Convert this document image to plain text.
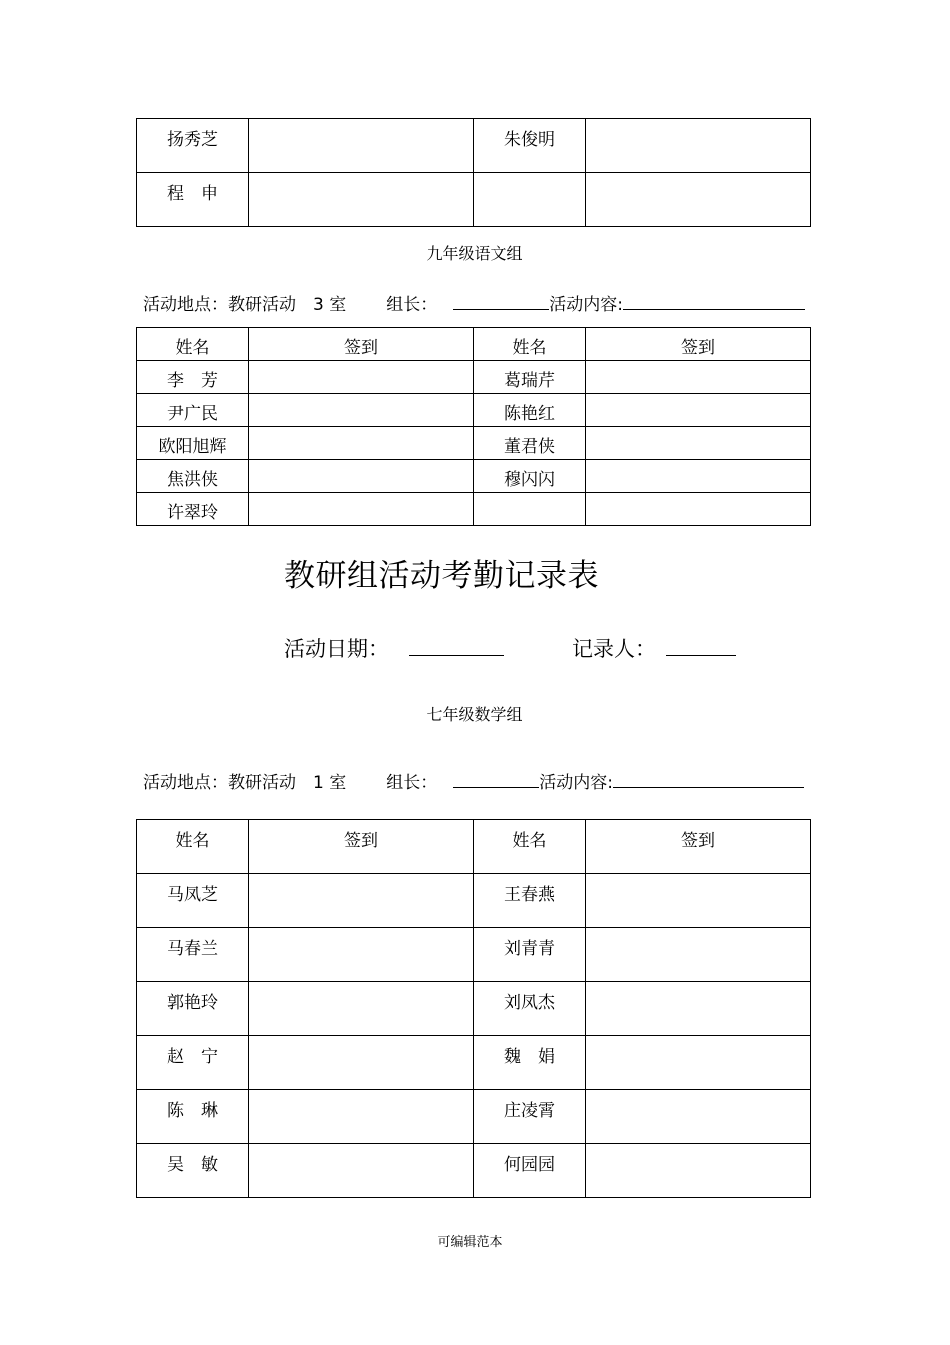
扬秀芝		朱俊明	
程　申			
九年级语文组
活动地点：教研活动　3 室 组长：	活动内容:
姓名	签到	姓名	签到
李　芳		葛瑞芹	
尹广民		陈艳红	
欧阳旭辉		董君侠	
焦洪侠		穆闪闪	
许翠玲			
教研组活动考勤记录表
活动日期：	记录人：
七年级数学组
活动地点：教研活动　1 室 组长：	活动内容:
姓名	签到	姓名	签到
马凤芝		王春燕	
马春兰		刘青青	
郭艳玲		刘凤杰	
赵　宁		魏　娟	
陈　琳		庄凌霄	
吴　敏		何园园	
可编辑范本
